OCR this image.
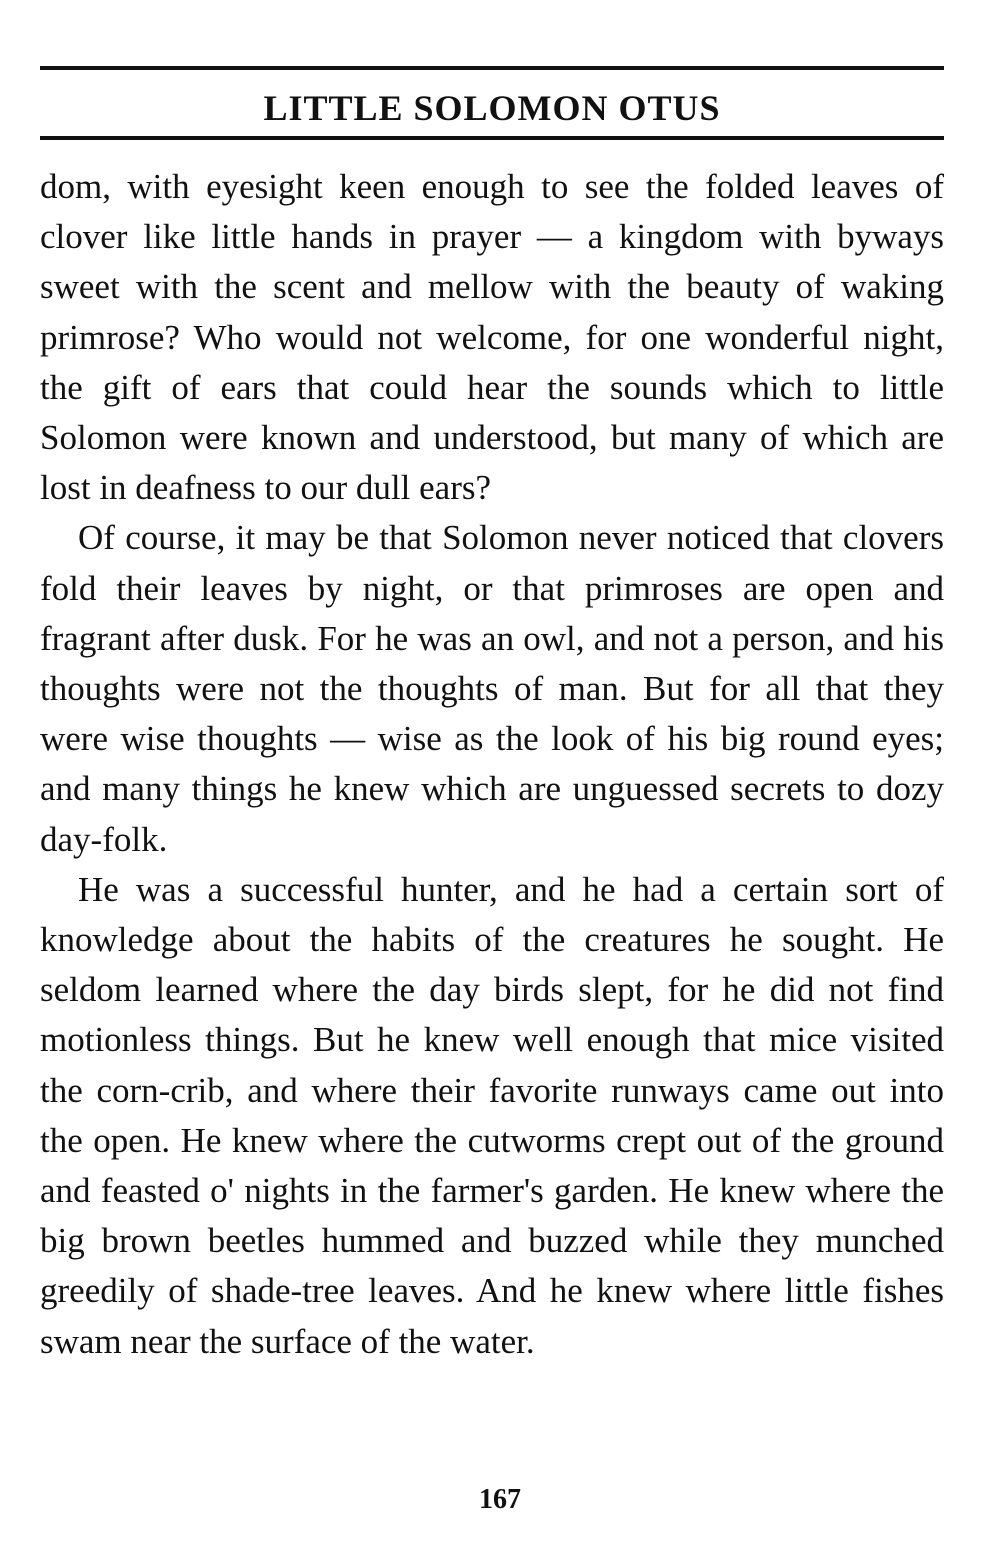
LITTLE SOLOMON OTUS

dom, with eyesight keen enough to see the folded leaves of clover like little hands in prayer — a kingdom with byways sweet with the scent and mellow with the beauty of waking primrose? Who would not welcome, for one wonderful night, the gift of ears that could hear the sounds which to little Solomon were known and understood, but many of which are lost in deafness to our dull ears?

Of course, it may be that Solomon never noticed that clovers fold their leaves by night, or that primroses are open and fragrant after dusk. For he was an owl, and not a person, and his thoughts were not the thoughts of man. But for all that they were wise thoughts — wise as the look of his big round eyes; and many things he knew which are unguessed secrets to dozy day-folk.

He was a successful hunter, and he had a certain sort of knowledge about the habits of the creatures he sought. He seldom learned where the day birds slept, for he did not find motionless things. But he knew well enough that mice visited the corn-crib, and where their favorite runways came out into the open. He knew where the cutworms crept out of the ground and feasted o' nights in the farmer's garden. He knew where the big brown beetles hummed and buzzed while they munched greedily of shade-tree leaves. And he knew where little fishes swam near the surface of the water.

167
